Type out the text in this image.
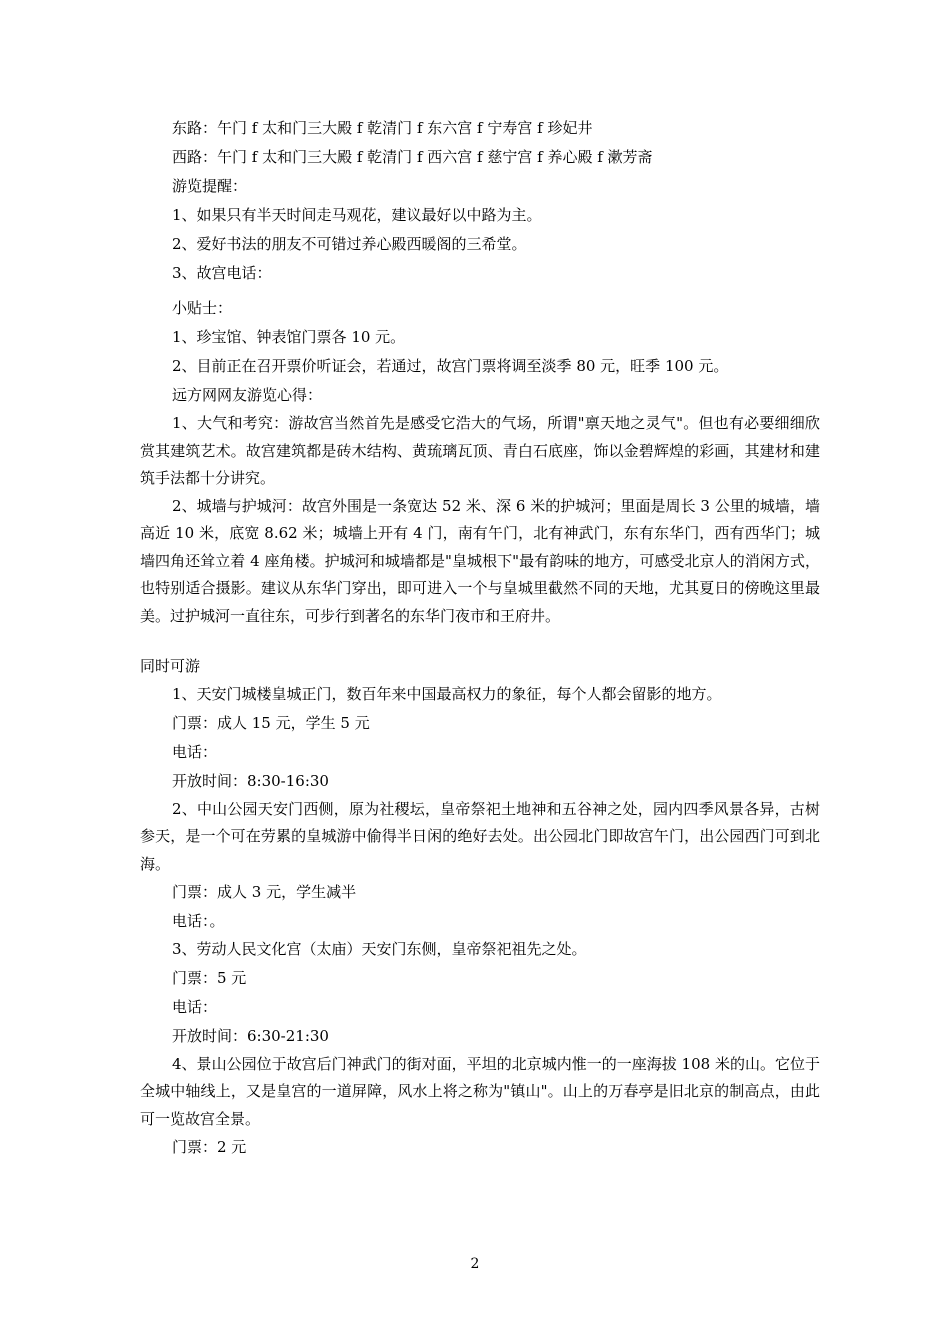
东路：午门 f 太和门三大殿 f 乾清门 f 东六宫 f 宁寿宫 f 珍妃井
西路：午门 f 太和门三大殿 f 乾清门 f 西六宫 f 慈宁宫 f 养心殿 f 漱芳斋
游览提醒：
1、如果只有半天时间走马观花，建议最好以中路为主。
2、爱好书法的朋友不可错过养心殿西暖阁的三希堂。
3、故宫电话：
小贴士：
1、珍宝馆、钟表馆门票各 10 元。
2、目前正在召开票价听证会，若通过，故宫门票将调至淡季 80 元，旺季 100 元。
远方网网友游览心得：

1、大气和考究：游故宫当然首先是感受它浩大的气场，所谓"禀天地之灵气"。但也有必要细细欣赏其建筑艺术。故宫建筑都是砖木结构、黄琉璃瓦顶、青白石底座，饰以金碧辉煌的彩画，其建材和建筑手法都十分讲究。

2、城墙与护城河：故宫外围是一条宽达 52 米、深 6 米的护城河；里面是周长 3 公里的城墙，墙高近 10 米，底宽 8.62 米；城墙上开有 4 门，南有午门，北有神武门，东有东华门，西有西华门；城墙四角还耸立着 4 座角楼。护城河和城墙都是"皇城根下"最有韵味的地方，可感受北京人的消闲方式，也特别适合摄影。建议从东华门穿出，即可进入一个与皇城里截然不同的天地，尤其夏日的傍晚这里最美。过护城河一直往东，可步行到著名的东华门夜市和王府井。

同时可游

1、天安门城楼皇城正门，数百年来中国最高权力的象征，每个人都会留影的地方。

门票：成人 15 元，学生 5 元
电话：
开放时间：8:30-16:30

2、中山公园天安门西侧，原为社稷坛，皇帝祭祀土地神和五谷神之处，园内四季风景各异，古树参天，是一个可在劳累的皇城游中偷得半日闲的绝好去处。出公园北门即故宫午门，出公园西门可到北海。

门票：成人 3 元，学生减半
电话：。

3、劳动人民文化宫（太庙）天安门东侧，皇帝祭祀祖先之处。

门票：5 元
电话：
开放时间：6:30-21:30

4、景山公园位于故宫后门神武门的街对面，平坦的北京城内惟一的一座海拔 108 米的山。它位于全城中轴线上，又是皇宫的一道屏障，风水上将之称为"镇山"。山上的万春亭是旧北京的制高点，由此可一览故宫全景。

门票：2 元
2
